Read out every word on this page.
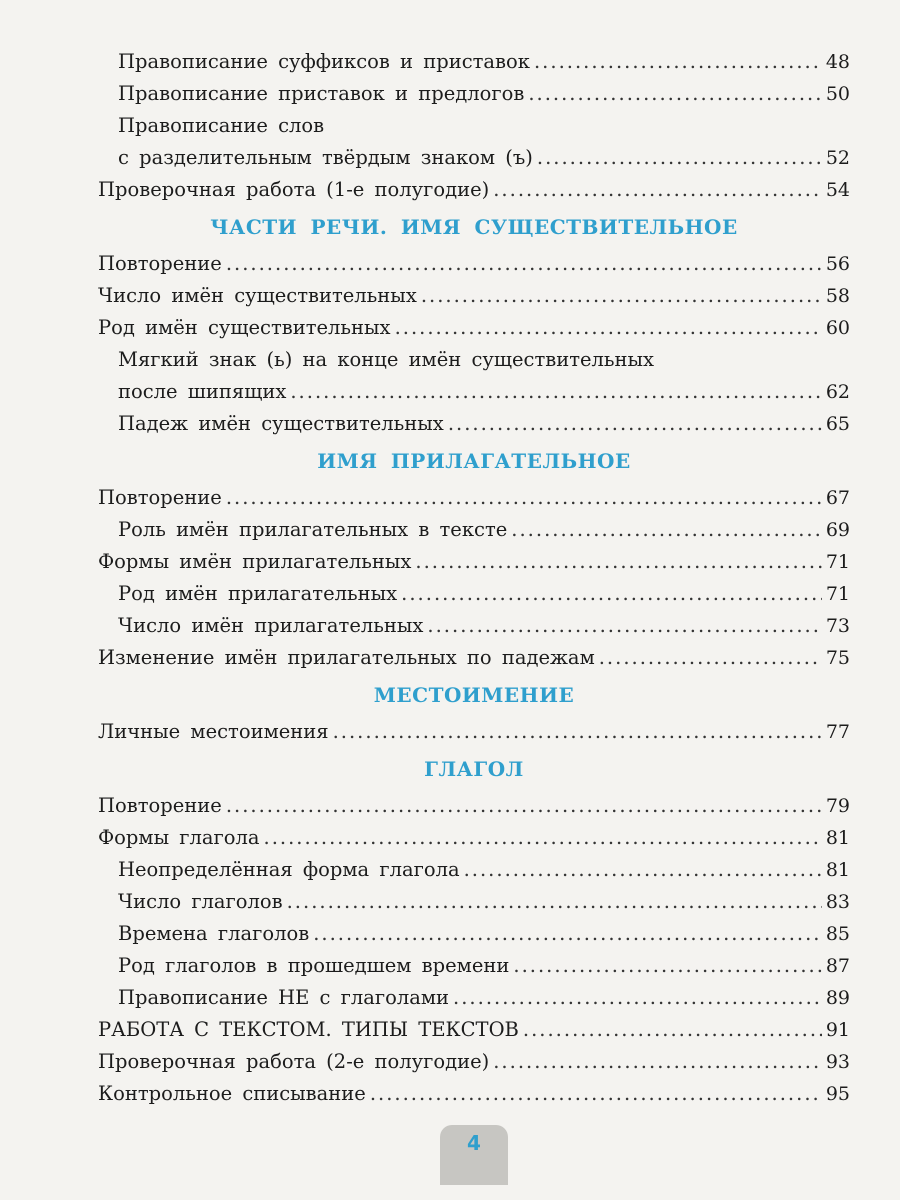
Правописание суффиксов и приставок .....	48
Правописание приставок и предлогов .....	50
Правописание слов
с разделительным твёрдым знаком (ъ) .....	52
Проверочная работа (1-е полугодие) .....	54
ЧАСТИ РЕЧИ. ИМЯ СУЩЕСТВИТЕЛЬНОЕ
Повторение .....	56
Число имён существительных .....	58
Род имён существительных .....	60
Мягкий знак (ь) на конце имён существительных
после шипящих .....	62
Падеж имён существительных .....	65
ИМЯ ПРИЛАГАТЕЛЬНОЕ
Повторение .....	67
Роль имён прилагательных в тексте .....	69
Формы имён прилагательных .....	71
Род имён прилагательных .....	71
Число имён прилагательных .....	73
Изменение имён прилагательных по падежам .....	75
МЕСТОИМЕНИЕ
Личные местоимения .....	77
ГЛАГОЛ
Повторение .....	79
Формы глагола .....	81
Неопределённая форма глагола .....	81
Число глаголов .....	83
Времена глаголов .....	85
Род глаголов в прошедшем времени .....	87
Правописание НЕ с глаголами .....	89
РАБОТА С ТЕКСТОМ. ТИПЫ ТЕКСТОВ .....	91
Проверочная работа (2-е полугодие) .....	93
Контрольное списывание .....	95
4
